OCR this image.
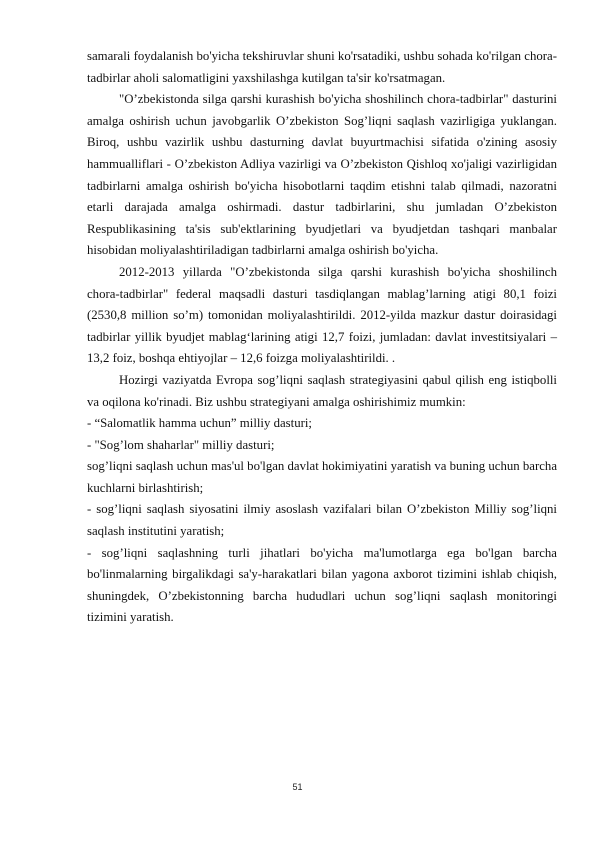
samarali foydalanish bo'yicha tekshiruvlar shuni ko'rsatadiki, ushbu sohada ko'rilgan chora-tadbirlar aholi salomatligini yaxshilashga kutilgan ta'sir ko'rsatmagan.

"O’zbekistonda silga qarshi kurashish bo'yicha shoshilinch chora-tadbirlar" dasturini amalga oshirish uchun javobgarlik O’zbekiston Sog’liqni saqlash vazirligiga yuklangan. Biroq, ushbu vazirlik ushbu dasturning davlat buyurtmachisi sifatida o'zining asosiy hammualliflari - O’zbekiston Adliya vazirligi va O’zbekiston Qishloq xo'jaligi vazirligidan tadbirlarni amalga oshirish bo'yicha hisobotlarni taqdim etishni talab qilmadi, nazoratni etarli darajada amalga oshirmadi. dastur tadbirlarini, shu jumladan O’zbekiston Respublikasining ta'sis sub'ektlarining byudjetlari va byudjetdan tashqari manbalar hisobidan moliyalashtiriladigan tadbirlarni amalga oshirish bo'yicha.

2012-2013 yillarda "O’zbekistonda silga qarshi kurashish bo'yicha shoshilinch chora-tadbirlar" federal maqsadli dasturi tasdiqlangan mablag’larning atigi 80,1 foizi (2530,8 million so’m) tomonidan moliyalashtirildi. 2012-yilda mazkur dastur doirasidagi tadbirlar yillik byudjet mablag‘larining atigi 12,7 foizi, jumladan: davlat investitsiyalari – 13,2 foiz, boshqa ehtiyojlar – 12,6 foizga moliyalashtirildi. .

Hozirgi vaziyatda Evropa sog’liqni saqlash strategiyasini qabul qilish eng istiqbolli va oqilona ko'rinadi. Biz ushbu strategiyani amalga oshirishimiz mumkin:

- “Salomatlik hamma uchun” milliy dasturi;

- "Sog’lom shaharlar" milliy dasturi;

sog’liqni saqlash uchun mas'ul bo'lgan davlat hokimiyatini yaratish va buning uchun barcha kuchlarni birlashtirish;

- sog’liqni saqlash siyosatini ilmiy asoslash vazifalari bilan O’zbekiston Milliy sog’liqni saqlash institutini yaratish;

- sog’liqni saqlashning turli jihatlari bo'yicha ma'lumotlarga ega bo'lgan barcha bo'linmalarning birgalikdagi sa'y-harakatlari bilan yagona axborot tizimini ishlab chiqish, shuningdek, O’zbekistonning barcha hududlari uchun sog’liqni saqlash monitoringi tizimini yaratish.

51
